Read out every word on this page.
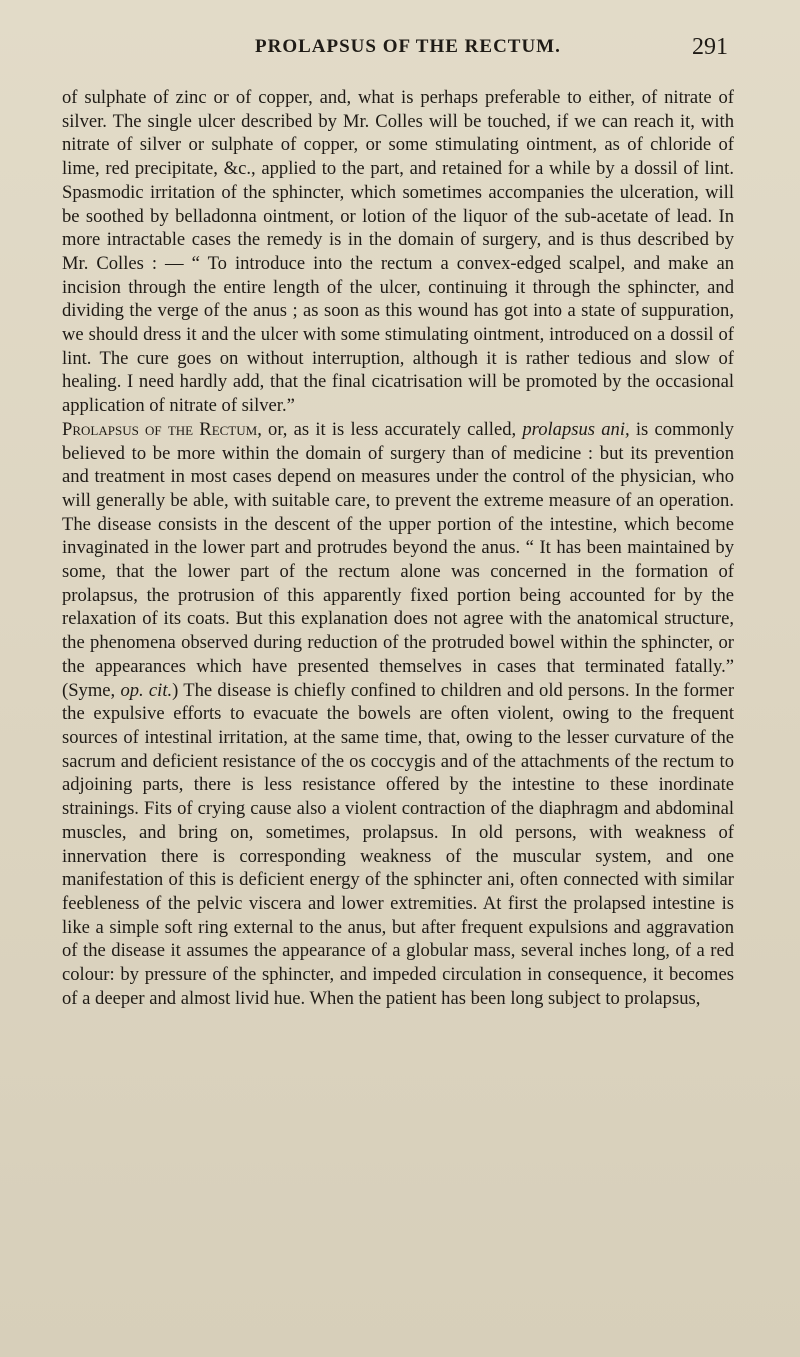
PROLAPSUS OF THE RECTUM.	291

of sulphate of zinc or of copper, and, what is perhaps preferable to either, of nitrate of silver. The single ulcer described by Mr. Colles will be touched, if we can reach it, with nitrate of silver or sulphate of copper, or some stimulating ointment, as of chloride of lime, red precipitate, &c., applied to the part, and retained for a while by a dossil of lint. Spasmodic irritation of the sphincter, which sometimes accompanies the ulceration, will be soothed by belladonna ointment, or lotion of the liquor of the sub-acetate of lead. In more intractable cases the remedy is in the domain of surgery, and is thus described by Mr. Colles : — “ To introduce into the rectum a convex-edged scalpel, and make an incision through the entire length of the ulcer, continuing it through the sphincter, and dividing the verge of the anus ; as soon as this wound has got into a state of suppuration, we should dress it and the ulcer with some stimulating ointment, introduced on a dossil of lint. The cure goes on without interruption, although it is rather tedious and slow of healing. I need hardly add, that the final cicatrisation will be promoted by the occasional application of nitrate of silver.”

Prolapsus of the Rectum, or, as it is less accurately called, prolapsus ani, is commonly believed to be more within the domain of surgery than of medicine : but its prevention and treatment in most cases depend on measures under the control of the physician, who will generally be able, with suitable care, to prevent the extreme measure of an operation. The disease consists in the descent of the upper portion of the intestine, which become invaginated in the lower part and protrudes beyond the anus. “ It has been maintained by some, that the lower part of the rectum alone was concerned in the formation of prolapsus, the protrusion of this apparently fixed portion being accounted for by the relaxation of its coats. But this explanation does not agree with the anatomical structure, the phenomena observed during reduction of the protruded bowel within the sphincter, or the appearances which have presented themselves in cases that terminated fatally.” (Syme, op. cit.) The disease is chiefly confined to children and old persons. In the former the expulsive efforts to evacuate the bowels are often violent, owing to the frequent sources of intestinal irritation, at the same time, that, owing to the lesser curvature of the sacrum and deficient resistance of the os coccygis and of the attachments of the rectum to adjoining parts, there is less resistance offered by the intestine to these inordinate strainings. Fits of crying cause also a violent contraction of the diaphragm and abdominal muscles, and bring on, sometimes, prolapsus. In old persons, with weakness of innervation there is corresponding weakness of the muscular system, and one manifestation of this is deficient energy of the sphincter ani, often connected with similar feebleness of the pelvic viscera and lower extremities. At first the prolapsed intestine is like a simple soft ring external to the anus, but after frequent expulsions and aggravation of the disease it assumes the appearance of a globular mass, several inches long, of a red colour: by pressure of the sphincter, and impeded circulation in consequence, it becomes of a deeper and almost livid hue. When the patient has been long subject to prolapsus,
